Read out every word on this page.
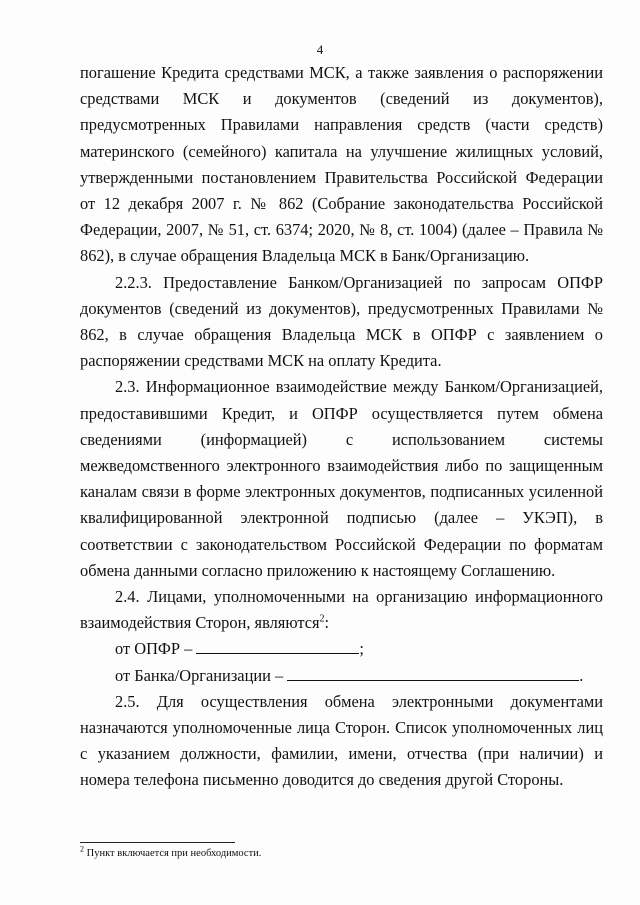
4

погашение Кредита средствами МСК, а также заявления о распоряжении средствами МСК и документов (сведений из документов), предусмотренных Правилами направления средств (части средств) материнского (семейного) капитала на улучшение жилищных условий, утвержденными постановлением Правительства Российской Федерации от 12 декабря 2007 г. № 862 (Собрание законодательства Российской Федерации, 2007, № 51, ст. 6374; 2020, № 8, ст. 1004) (далее – Правила № 862), в случае обращения Владельца МСК в Банк/Организацию.

2.2.3. Предоставление Банком/Организацией по запросам ОПФР документов (сведений из документов), предусмотренных Правилами № 862, в случае обращения Владельца МСК в ОПФР с заявлением о распоряжении средствами МСК на оплату Кредита.

2.3. Информационное взаимодействие между Банком/Организацией, предоставившими Кредит, и ОПФР осуществляется путем обмена сведениями (информацией) с использованием системы межведомственного электронного взаимодействия либо по защищенным каналам связи в форме электронных документов, подписанных усиленной квалифицированной электронной подписью (далее – УКЭП), в соответствии с законодательством Российской Федерации по форматам обмена данными согласно приложению к настоящему Соглашению.

2.4. Лицами, уполномоченными на организацию информационного взаимодействия Сторон, являются$^2$:

от ОПФР –	;

от Банка/Организации –	.

2.5. Для осуществления обмена электронными документами назначаются уполномоченные лица Сторон. Список уполномоченных лиц с указанием должности, фамилии, имени, отчества (при наличии) и номера телефона письменно доводится до сведения другой Стороны.

$^2$ Пункт включается при необходимости.
